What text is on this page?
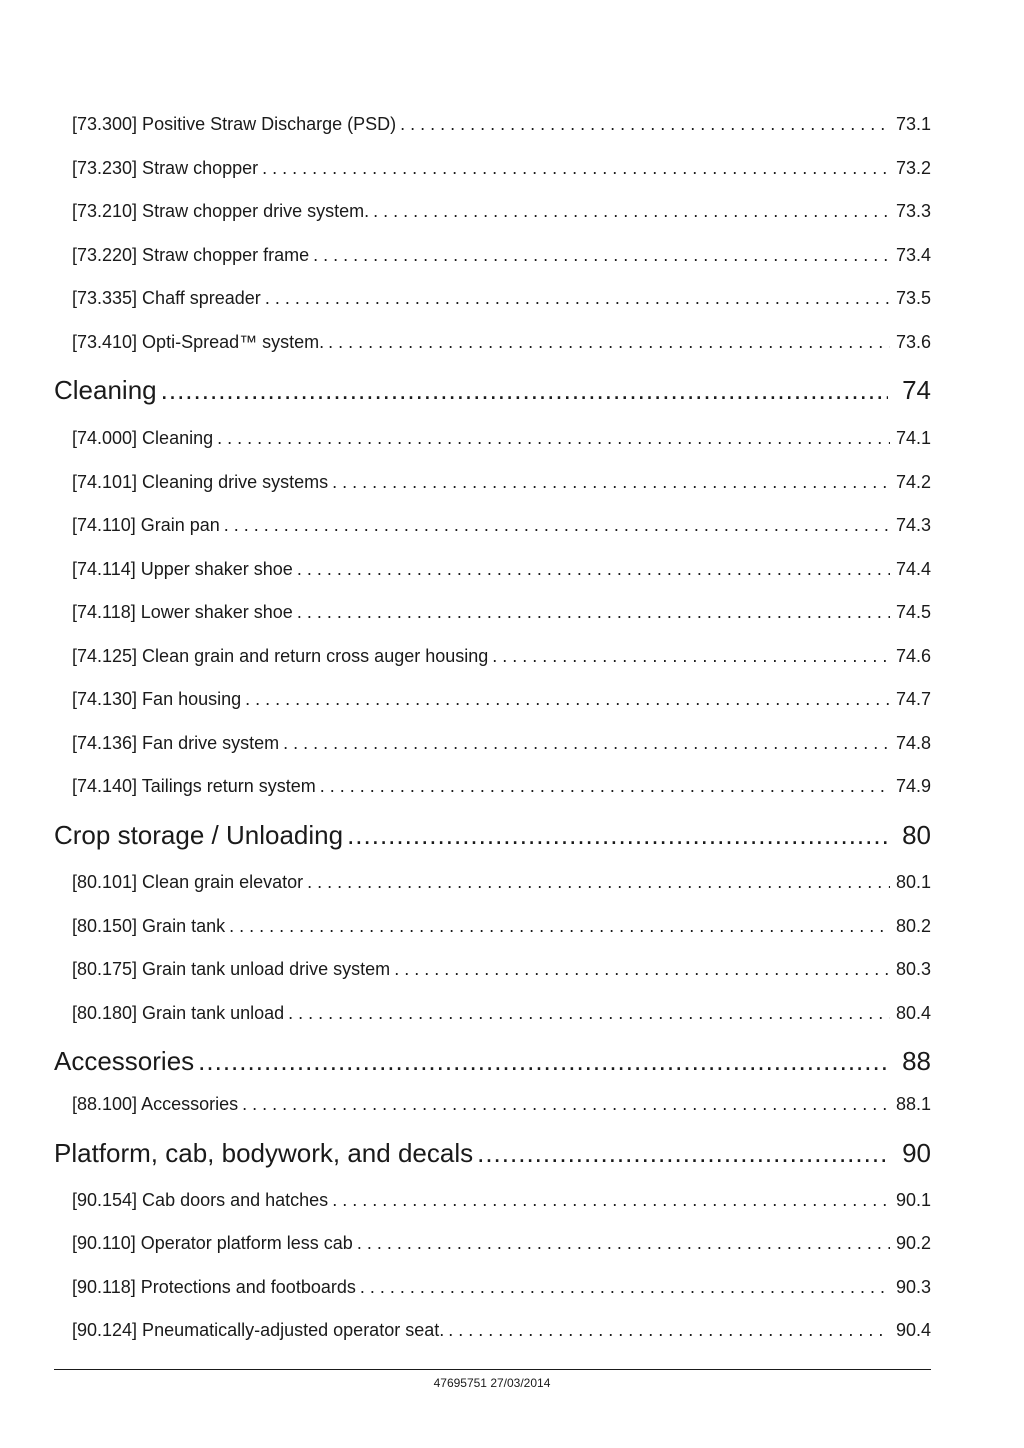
[73.300] Positive Straw Discharge (PSD) . . .	73.1
[73.230] Straw chopper . . .	73.2
[73.210] Straw chopper drive system. . . .	73.3
[73.220] Straw chopper frame . . .	73.4
[73.335] Chaff spreader . . .	73.5
[73.410] Opti-Spread™ system. . . .	73.6
Cleaning .....	74
[74.000] Cleaning . . .	74.1
[74.101] Cleaning drive systems . . .	74.2
[74.110] Grain pan . . .	74.3
[74.114] Upper shaker shoe . . .	74.4
[74.118] Lower shaker shoe . . .	74.5
[74.125] Clean grain and return cross auger housing . . .	74.6
[74.130] Fan housing . . .	74.7
[74.136] Fan drive system . . .	74.8
[74.140] Tailings return system . . .	74.9
Crop storage / Unloading .....	80
[80.101] Clean grain elevator . . .	80.1
[80.150] Grain tank . . .	80.2
[80.175] Grain tank unload drive system . . .	80.3
[80.180] Grain tank unload . . .	80.4
Accessories .....	88
[88.100] Accessories . . .	88.1
Platform, cab, bodywork, and decals .....	90
[90.154] Cab doors and hatches . . .	90.1
[90.110] Operator platform less cab . . .	90.2
[90.118] Protections and footboards . . .	90.3
[90.124] Pneumatically-adjusted operator seat. . . .	90.4
47695751 27/03/2014
